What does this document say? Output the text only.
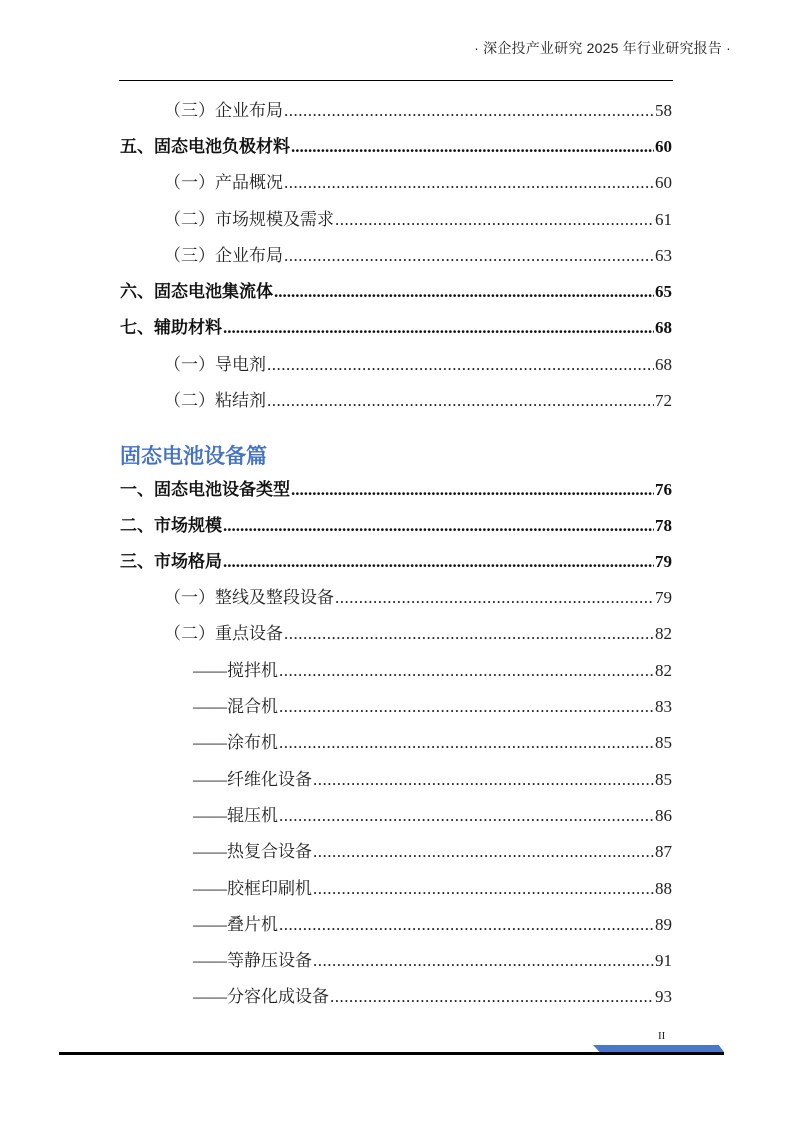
· 深企投产业研究 2025 年行业研究报告 ·
（三）企业布局 .....	58
五、固态电池负极材料 .....	60
（一）产品概况 .....	60
（二）市场规模及需求 .....	61
（三）企业布局 .....	63
六、固态电池集流体 .....	65
七、辅助材料 .....	68
（一）导电剂 .....	68
（二）粘结剂 .....	72
固态电池设备篇
一、固态电池设备类型 .....	76
二、市场规模 .....	78
三、市场格局 .....	79
（一）整线及整段设备 .....	79
（二）重点设备 .....	82
——搅拌机 .....	82
——混合机 .....	83
——涂布机 .....	85
——纤维化设备 .....	85
——辊压机 .....	86
——热复合设备 .....	87
——胶框印刷机 .....	88
——叠片机 .....	89
——等静压设备 .....	91
——分容化成设备 .....	93
II
